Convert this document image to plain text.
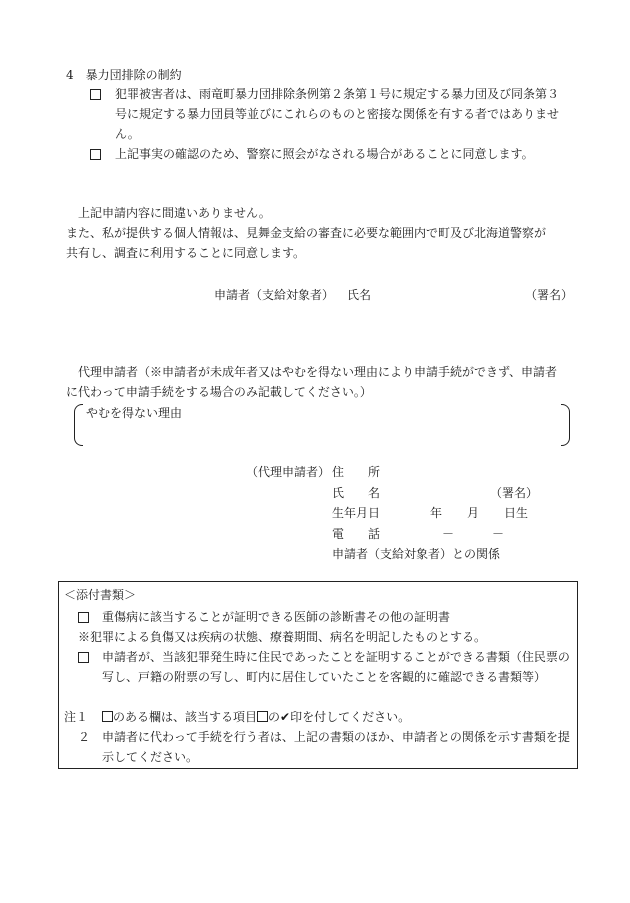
4　暴力団排除の制約
犯罪被害者は、雨竜町暴力団排除条例第２条第１号に規定する暴力団及び同条第３
号に規定する暴力団員等並びにこれらのものと密接な関係を有する者ではありませ
ん。
上記事実の確認のため、警察に照会がなされる場合があることに同意します。
上記申請内容に間違いありません。
また、私が提供する個人情報は、見舞金支給の審査に必要な範囲内で町及び北海道警察が
共有し、調査に利用することに同意します。
申請者（支給対象者） 氏名	（署名）
代理申請者（※申請者が未成年者又はやむを得ない理由により申請手続ができず、申請者
に代わって申請手続をする場合のみ記載してください。）
やむを得ない理由
（代理申請者） 住　　所
氏　　名	（署名）
生年月日	年 月 日生
電　　話	－	－
申請者（支給対象者）との関係
＜添付書類＞
重傷病に該当することが証明できる医師の診断書その他の証明書
※犯罪による負傷又は疾病の状態、療養期間、病名を明記したものとする。
申請者が、当該犯罪発生時に住民であったことを証明することができる書類（住民票の
写し、戸籍の附票の写し、町内に居住していたことを客観的に確認できる書類等）
注１	のある欄は、該当する項目 の✔印を付してください。
２ 申請者に代わって手続を行う者は、上記の書類のほか、申請者との関係を示す書類を提
示してください。
